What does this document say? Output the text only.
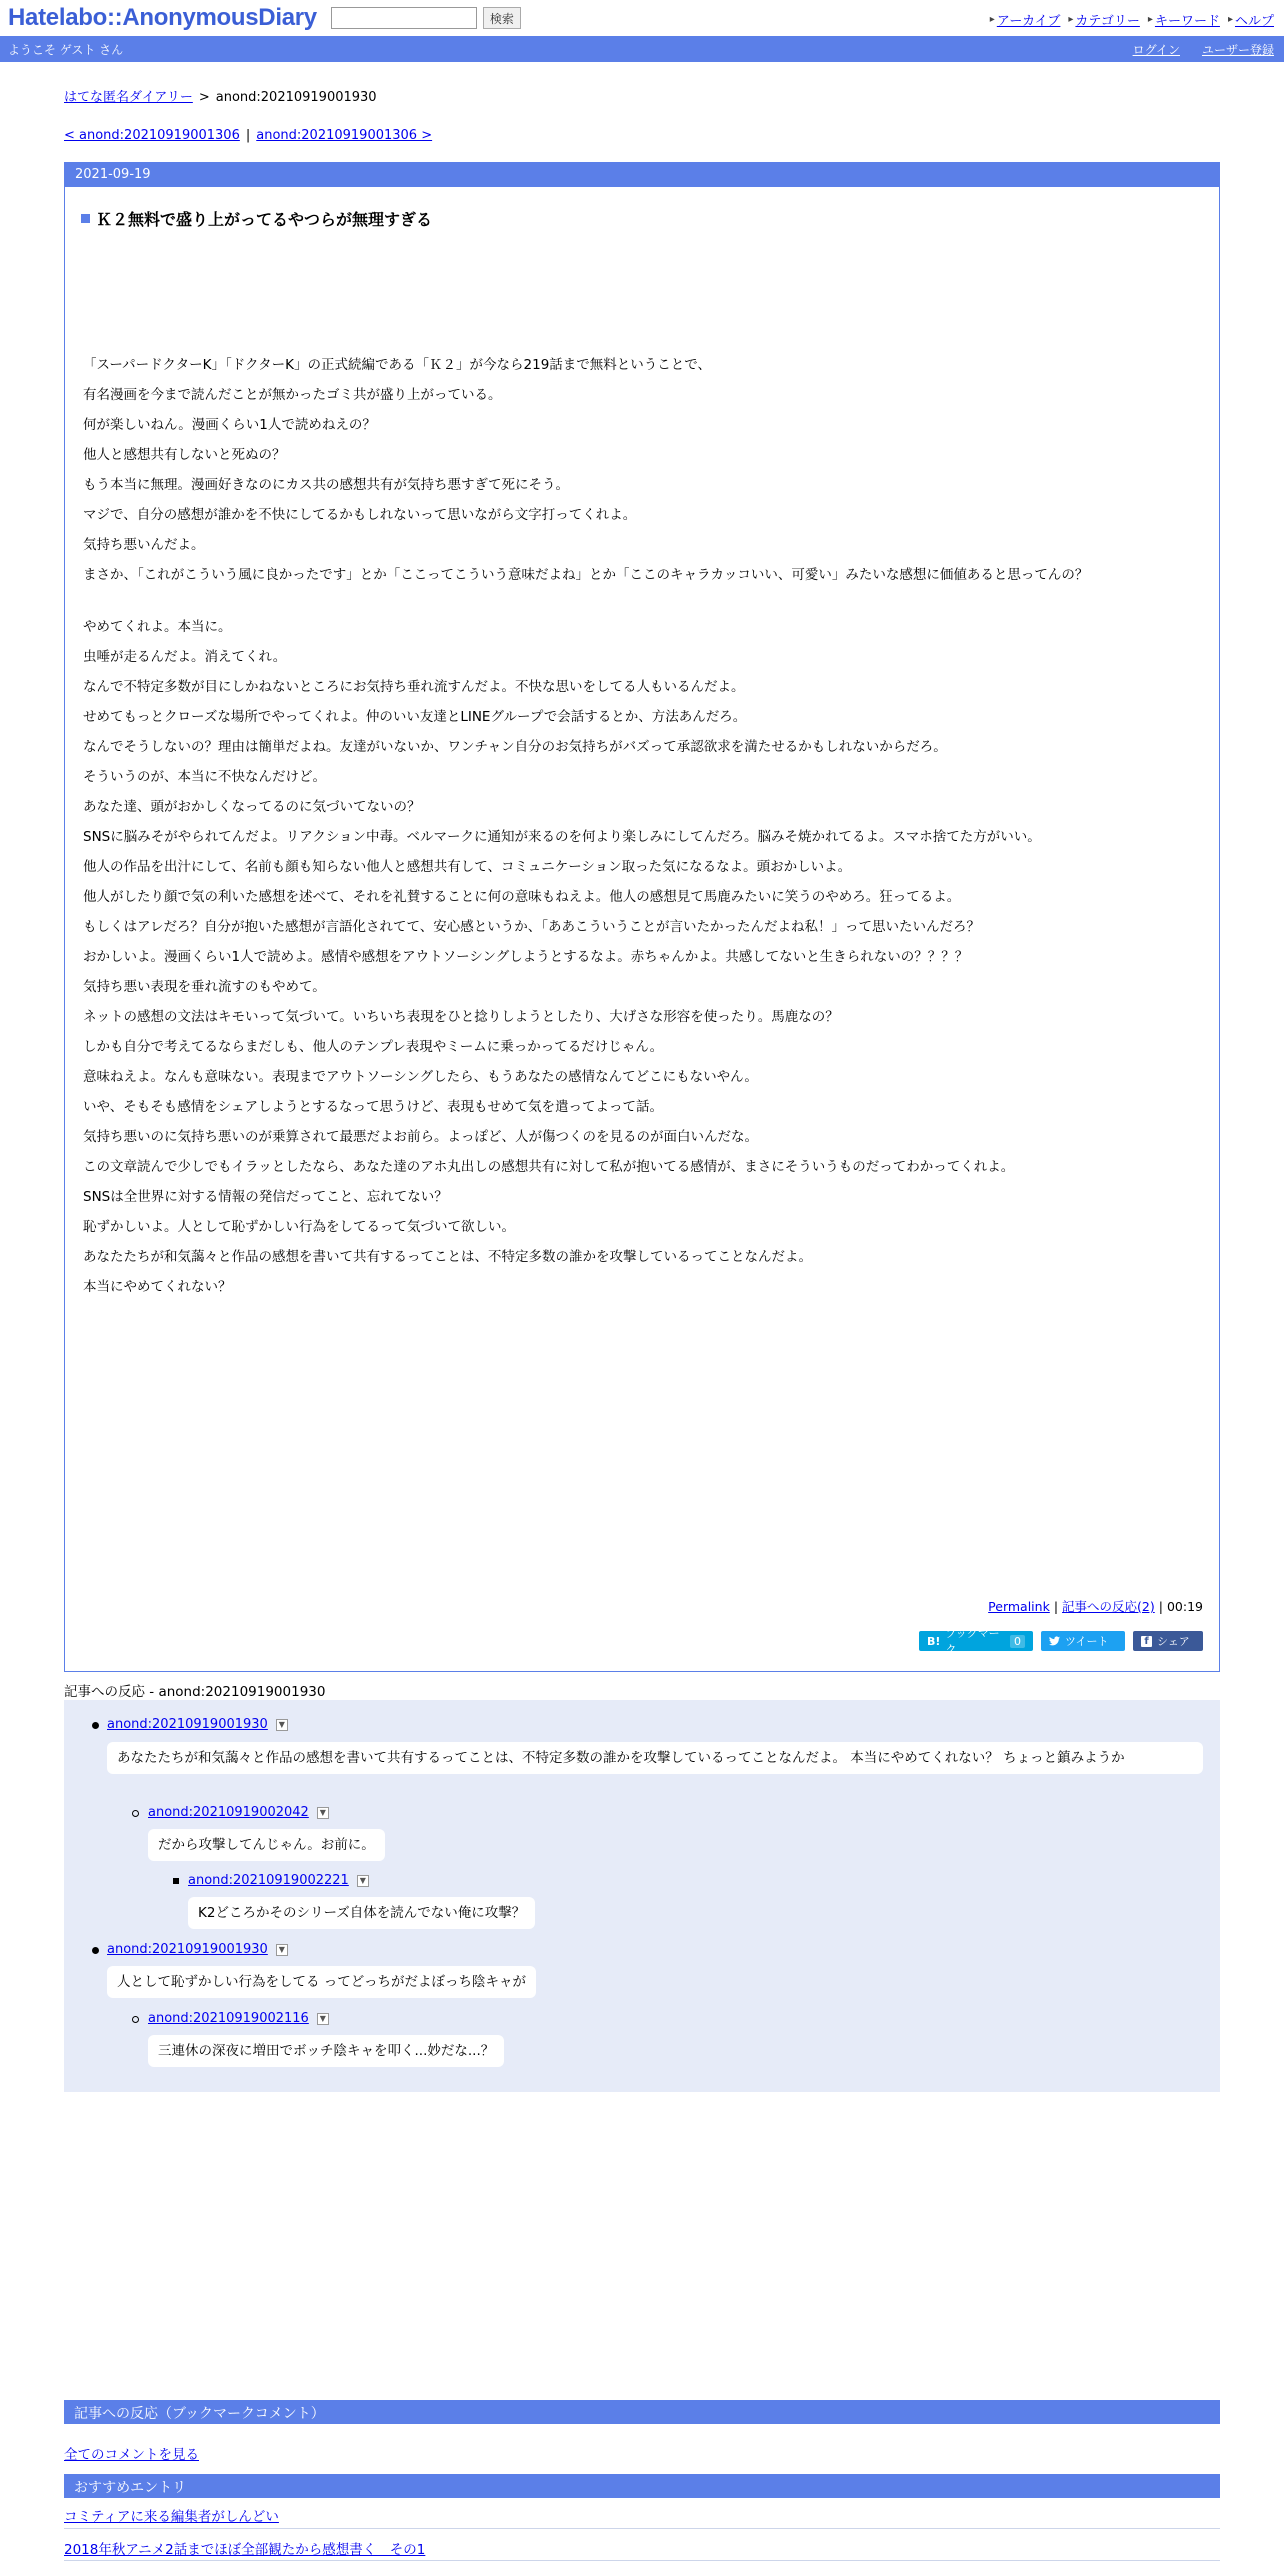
Hatelabo::AnonymousDiary	検索	▸ アーカイブ ▸ カテゴリー ▸ キーワード ▸ ヘルプ
ようこそ ゲスト さん	ログイン ユーザー登録
はてな匿名ダイアリー > anond:20210919001930
< anond:20210919001306 | anond:20210919001306 >
2021-09-19
Ｋ２無料で盛り上がってるやつらが無理すぎる

「スーパードクターK」「ドクターK」の正式続編である「Ｋ２」が今なら219話まで無料ということで、

有名漫画を今まで読んだことが無かったゴミ共が盛り上がっている。

何が楽しいねん。漫画くらい1人で読めねえの？

他人と感想共有しないと死ぬの？

もう本当に無理。漫画好きなのにカス共の感想共有が気持ち悪すぎて死にそう。

マジで、自分の感想が誰かを不快にしてるかもしれないって思いながら文字打ってくれよ。

気持ち悪いんだよ。

まさか、「これがこういう風に良かったです」とか「ここってこういう意味だよね」とか「ここのキャラカッコいい、可愛い」みたいな感想に価値あると思ってんの？

やめてくれよ。本当に。

虫唾が走るんだよ。消えてくれ。

なんで不特定多数が目にしかねないところにお気持ち垂れ流すんだよ。不快な思いをしてる人もいるんだよ。

せめてもっとクローズな場所でやってくれよ。仲のいい友達とLINEグループで会話するとか、方法あんだろ。

なんでそうしないの？理由は簡単だよね。友達がいないか、ワンチャン自分のお気持ちがバズって承認欲求を満たせるかもしれないからだろ。

そういうのが、本当に不快なんだけど。

あなた達、頭がおかしくなってるのに気づいてないの？

SNSに脳みそがやられてんだよ。リアクション中毒。ベルマークに通知が来るのを何より楽しみにしてんだろ。脳みそ焼かれてるよ。スマホ捨てた方がいい。

他人の作品を出汁にして、名前も顔も知らない他人と感想共有して、コミュニケーション取った気になるなよ。頭おかしいよ。

他人がしたり顔で気の利いた感想を述べて、それを礼賛することに何の意味もねえよ。他人の感想見て馬鹿みたいに笑うのやめろ。狂ってるよ。

もしくはアレだろ？自分が抱いた感想が言語化されてて、安心感というか、「ああこういうことが言いたかったんだよね私！」って思いたいんだろ？

おかしいよ。漫画くらい1人で読めよ。感情や感想をアウトソーシングしようとするなよ。赤ちゃんかよ。共感してないと生きられないの？？？？

気持ち悪い表現を垂れ流すのもやめて。

ネットの感想の文法はキモいって気づいて。いちいち表現をひと捻りしようとしたり、大げさな形容を使ったり。馬鹿なの？

しかも自分で考えてるならまだしも、他人のテンプレ表現やミームに乗っかってるだけじゃん。

意味ねえよ。なんも意味ない。表現までアウトソーシングしたら、もうあなたの感情なんてどこにもないやん。

いや、そもそも感情をシェアしようとするなって思うけど、表現もせめて気を遣ってよって話。

気持ち悪いのに気持ち悪いのが乗算されて最悪だよお前ら。よっぽど、人が傷つくのを見るのが面白いんだな。

この文章読んで少しでもイラッとしたなら、あなた達のアホ丸出しの感想共有に対して私が抱いてる感情が、まさにそういうものだってわかってくれよ。

SNSは全世界に対する情報の発信だってこと、忘れてない？

恥ずかしいよ。人として恥ずかしい行為をしてるって気づいて欲しい。

あなたたちが和気藹々と作品の感想を書いて共有するってことは、不特定多数の誰かを攻撃しているってことなんだよ。

本当にやめてくれない？

Permalink | 記事への反応(2) | 00:19
B!
ブックマーク
0	ツイート	f シェア
記事への反応 - anond:20210919001930
anond:20210919001930 ▼
あなたたちが和気藹々と作品の感想を書いて共有するってことは、不特定多数の誰かを攻撃しているってことなんだよ。 本当にやめてくれない？ ちょっと鎮みようか
anond:20210919002042 ▼
だから攻撃してんじゃん。お前に。
anond:20210919002221 ▼
K2どころかそのシリーズ自体を読んでない俺に攻撃？
anond:20210919001930 ▼
人として恥ずかしい行為をしてる ってどっちがだよぼっち陰キャが
anond:20210919002116 ▼
三連休の深夜に増田でボッチ陰キャを叩く...妙だな...？
記事への反応（ブックマークコメント）
全てのコメントを見る
おすすめエントリ
コミティアに来る編集者がしんどい
2018年秋アニメ2話までほぼ全部観たから感想書く　その1
